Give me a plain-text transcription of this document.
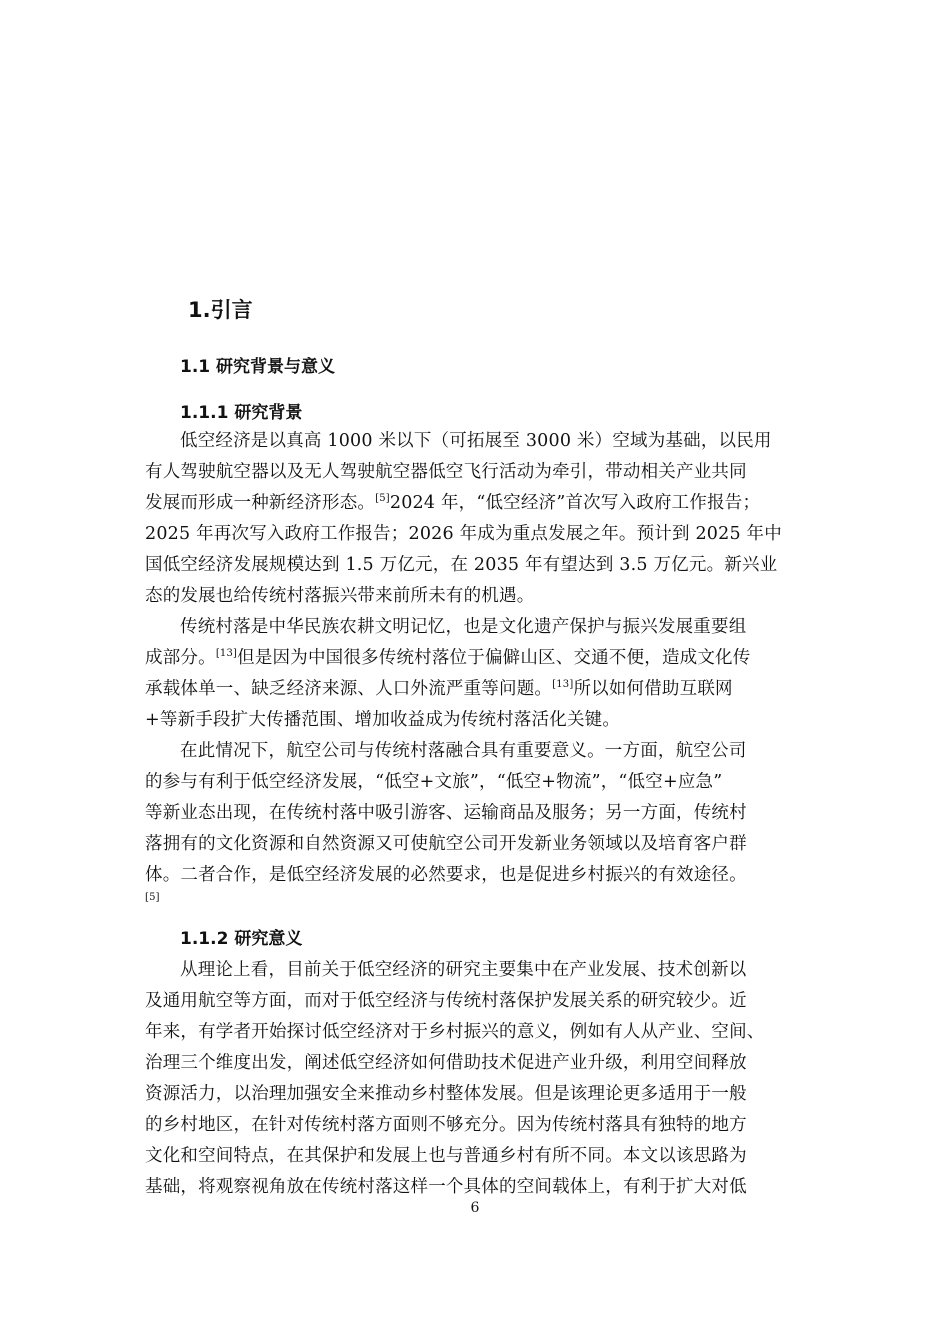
1.引言
1.1 研究背景与意义
1.1.1 研究背景
低空经济是以真高 1000 米以下（可拓展至 3000 米）空域为基础，以民用
有人驾驶航空器以及无人驾驶航空器低空飞行活动为牵引，带动相关产业共同
发展而形成一种新经济形态。[5]2024 年，“低空经济”首次写入政府工作报告；
2025 年再次写入政府工作报告；2026 年成为重点发展之年。预计到 2025 年中
国低空经济发展规模达到 1.5 万亿元，在 2035 年有望达到 3.5 万亿元。新兴业
态的发展也给传统村落振兴带来前所未有的机遇。
传统村落是中华民族农耕文明记忆，也是文化遗产保护与振兴发展重要组
成部分。[13]但是因为中国很多传统村落位于偏僻山区、交通不便，造成文化传
承载体单一、缺乏经济来源、人口外流严重等问题。[13]所以如何借助互联网
+等新手段扩大传播范围、增加收益成为传统村落活化关键。
在此情况下，航空公司与传统村落融合具有重要意义。一方面，航空公司
的参与有利于低空经济发展，“低空+文旅”，“低空+物流”，“低空+应急”
等新业态出现，在传统村落中吸引游客、运输商品及服务；另一方面，传统村
落拥有的文化资源和自然资源又可使航空公司开发新业务领域以及培育客户群
体。二者合作，是低空经济发展的必然要求，也是促进乡村振兴的有效途径。
[5]
1.1.2 研究意义
从理论上看，目前关于低空经济的研究主要集中在产业发展、技术创新以
及通用航空等方面，而对于低空经济与传统村落保护发展关系的研究较少。近
年来，有学者开始探讨低空经济对于乡村振兴的意义，例如有人从产业、空间、
治理三个维度出发，阐述低空经济如何借助技术促进产业升级，利用空间释放
资源活力，以治理加强安全来推动乡村整体发展。但是该理论更多适用于一般
的乡村地区，在针对传统村落方面则不够充分。因为传统村落具有独特的地方
文化和空间特点，在其保护和发展上也与普通乡村有所不同。本文以该思路为
基础，将观察视角放在传统村落这样一个具体的空间载体上，有利于扩大对低
6
